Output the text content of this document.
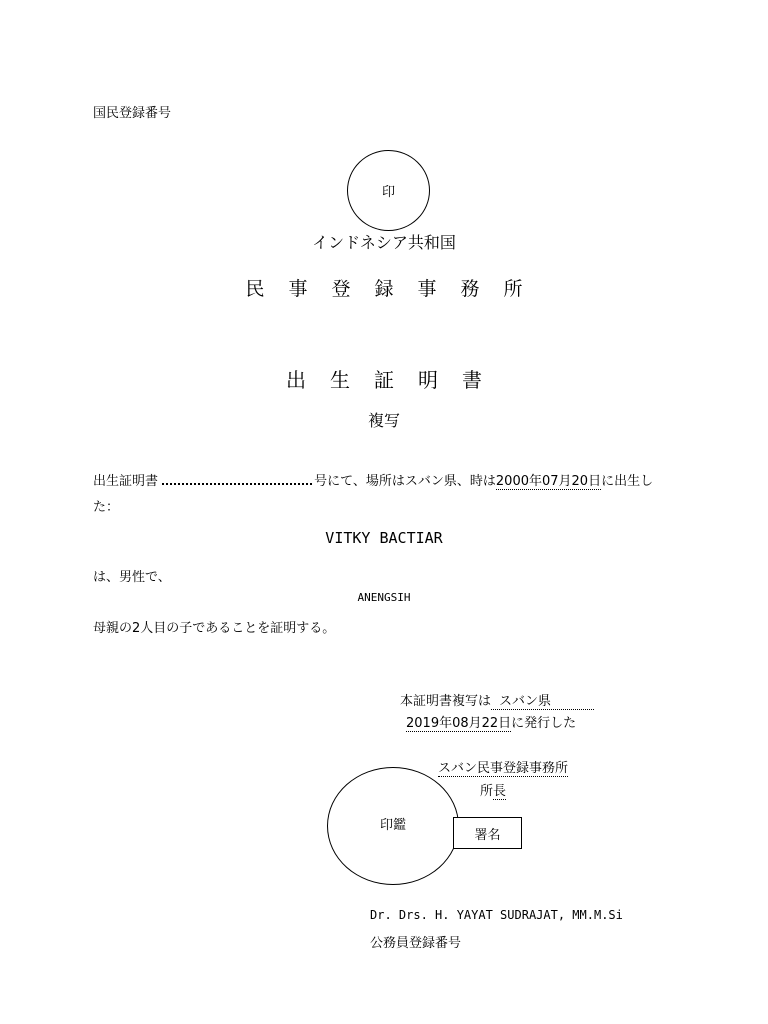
国民登録番号
印
インドネシア共和国
民事登録事務所
出生証明書
複写
出生証明書	号にて、場所はスバン県、時は2000年07月20日に出生し
た：
VITKY BACTIAR
は、男性で、
ANENGSIH
母親の2人目の子であることを証明する。
本証明書複写は スバン県
2019年08月22日に発行した
スバン民事登録事務所
所長
印鑑
署名
Dr. Drs. H. YAYAT SUDRAJAT, MM.M.Si
公務員登録番号
